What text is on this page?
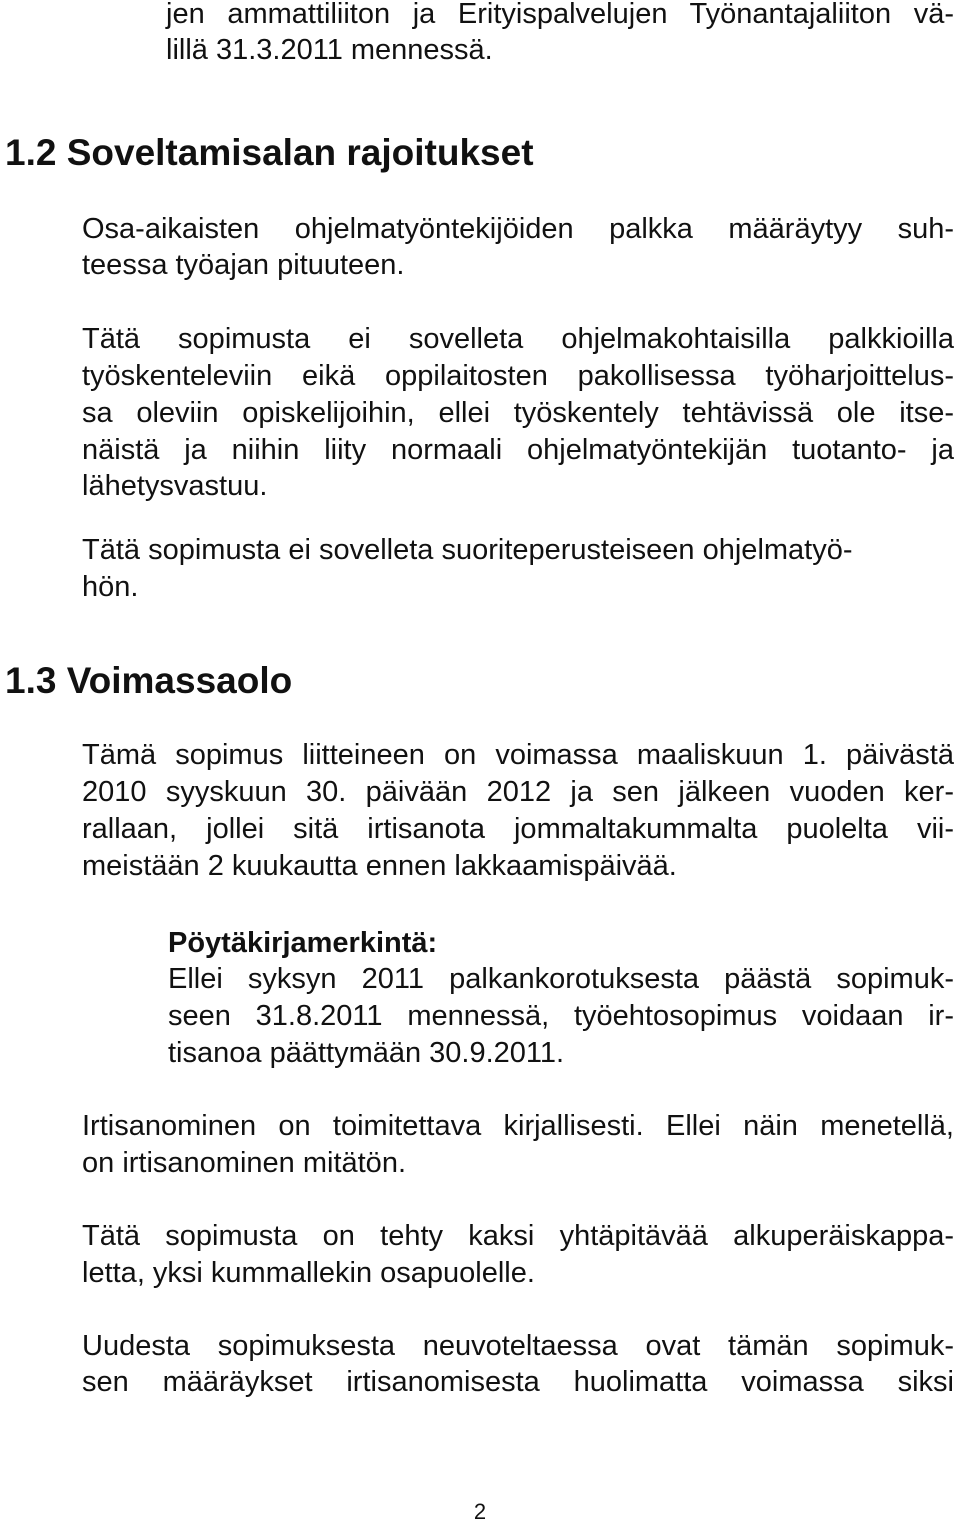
jen ammattiliiton ja Erityispalvelujen Työnantajaliiton vä-
lillä 31.3.2011 mennessä.
1.2 Soveltamisalan rajoitukset
Osa-aikaisten ohjelmatyöntekijöiden palkka määräytyy suh-
teessa työajan pituuteen.
Tätä sopimusta ei sovelleta ohjelmakohtaisilla palkkioilla
työskenteleviin eikä oppilaitosten pakollisessa työharjoittelus-
sa oleviin opiskelijoihin, ellei työskentely tehtävissä ole itse-
näistä ja niihin liity normaali ohjelmatyöntekijän tuotanto- ja
lähetysvastuu.
Tätä sopimusta ei sovelleta suoriteperusteiseen ohjelmatyö-
hön.
1.3 Voimassaolo
Tämä sopimus liitteineen on voimassa maaliskuun 1. päivästä
2010 syyskuun 30. päivään 2012 ja sen jälkeen vuoden ker-
rallaan, jollei sitä irtisanota jommaltakummalta puolelta vii-
meistään 2 kuukautta ennen lakkaamispäivää.
Pöytäkirjamerkintä:
Ellei syksyn 2011 palkankorotuksesta päästä sopimuk-
seen 31.8.2011 mennessä, työehtosopimus voidaan ir-
tisanoa päättymään 30.9.2011.
Irtisanominen on toimitettava kirjallisesti. Ellei näin menetellä,
on irtisanominen mitätön.
Tätä sopimusta on tehty kaksi yhtäpitävää alkuperäiskappa-
letta, yksi kummallekin osapuolelle.
Uudesta sopimuksesta neuvoteltaessa ovat tämän sopimuk-
sen määräykset irtisanomisesta huolimatta voimassa siksi
2
